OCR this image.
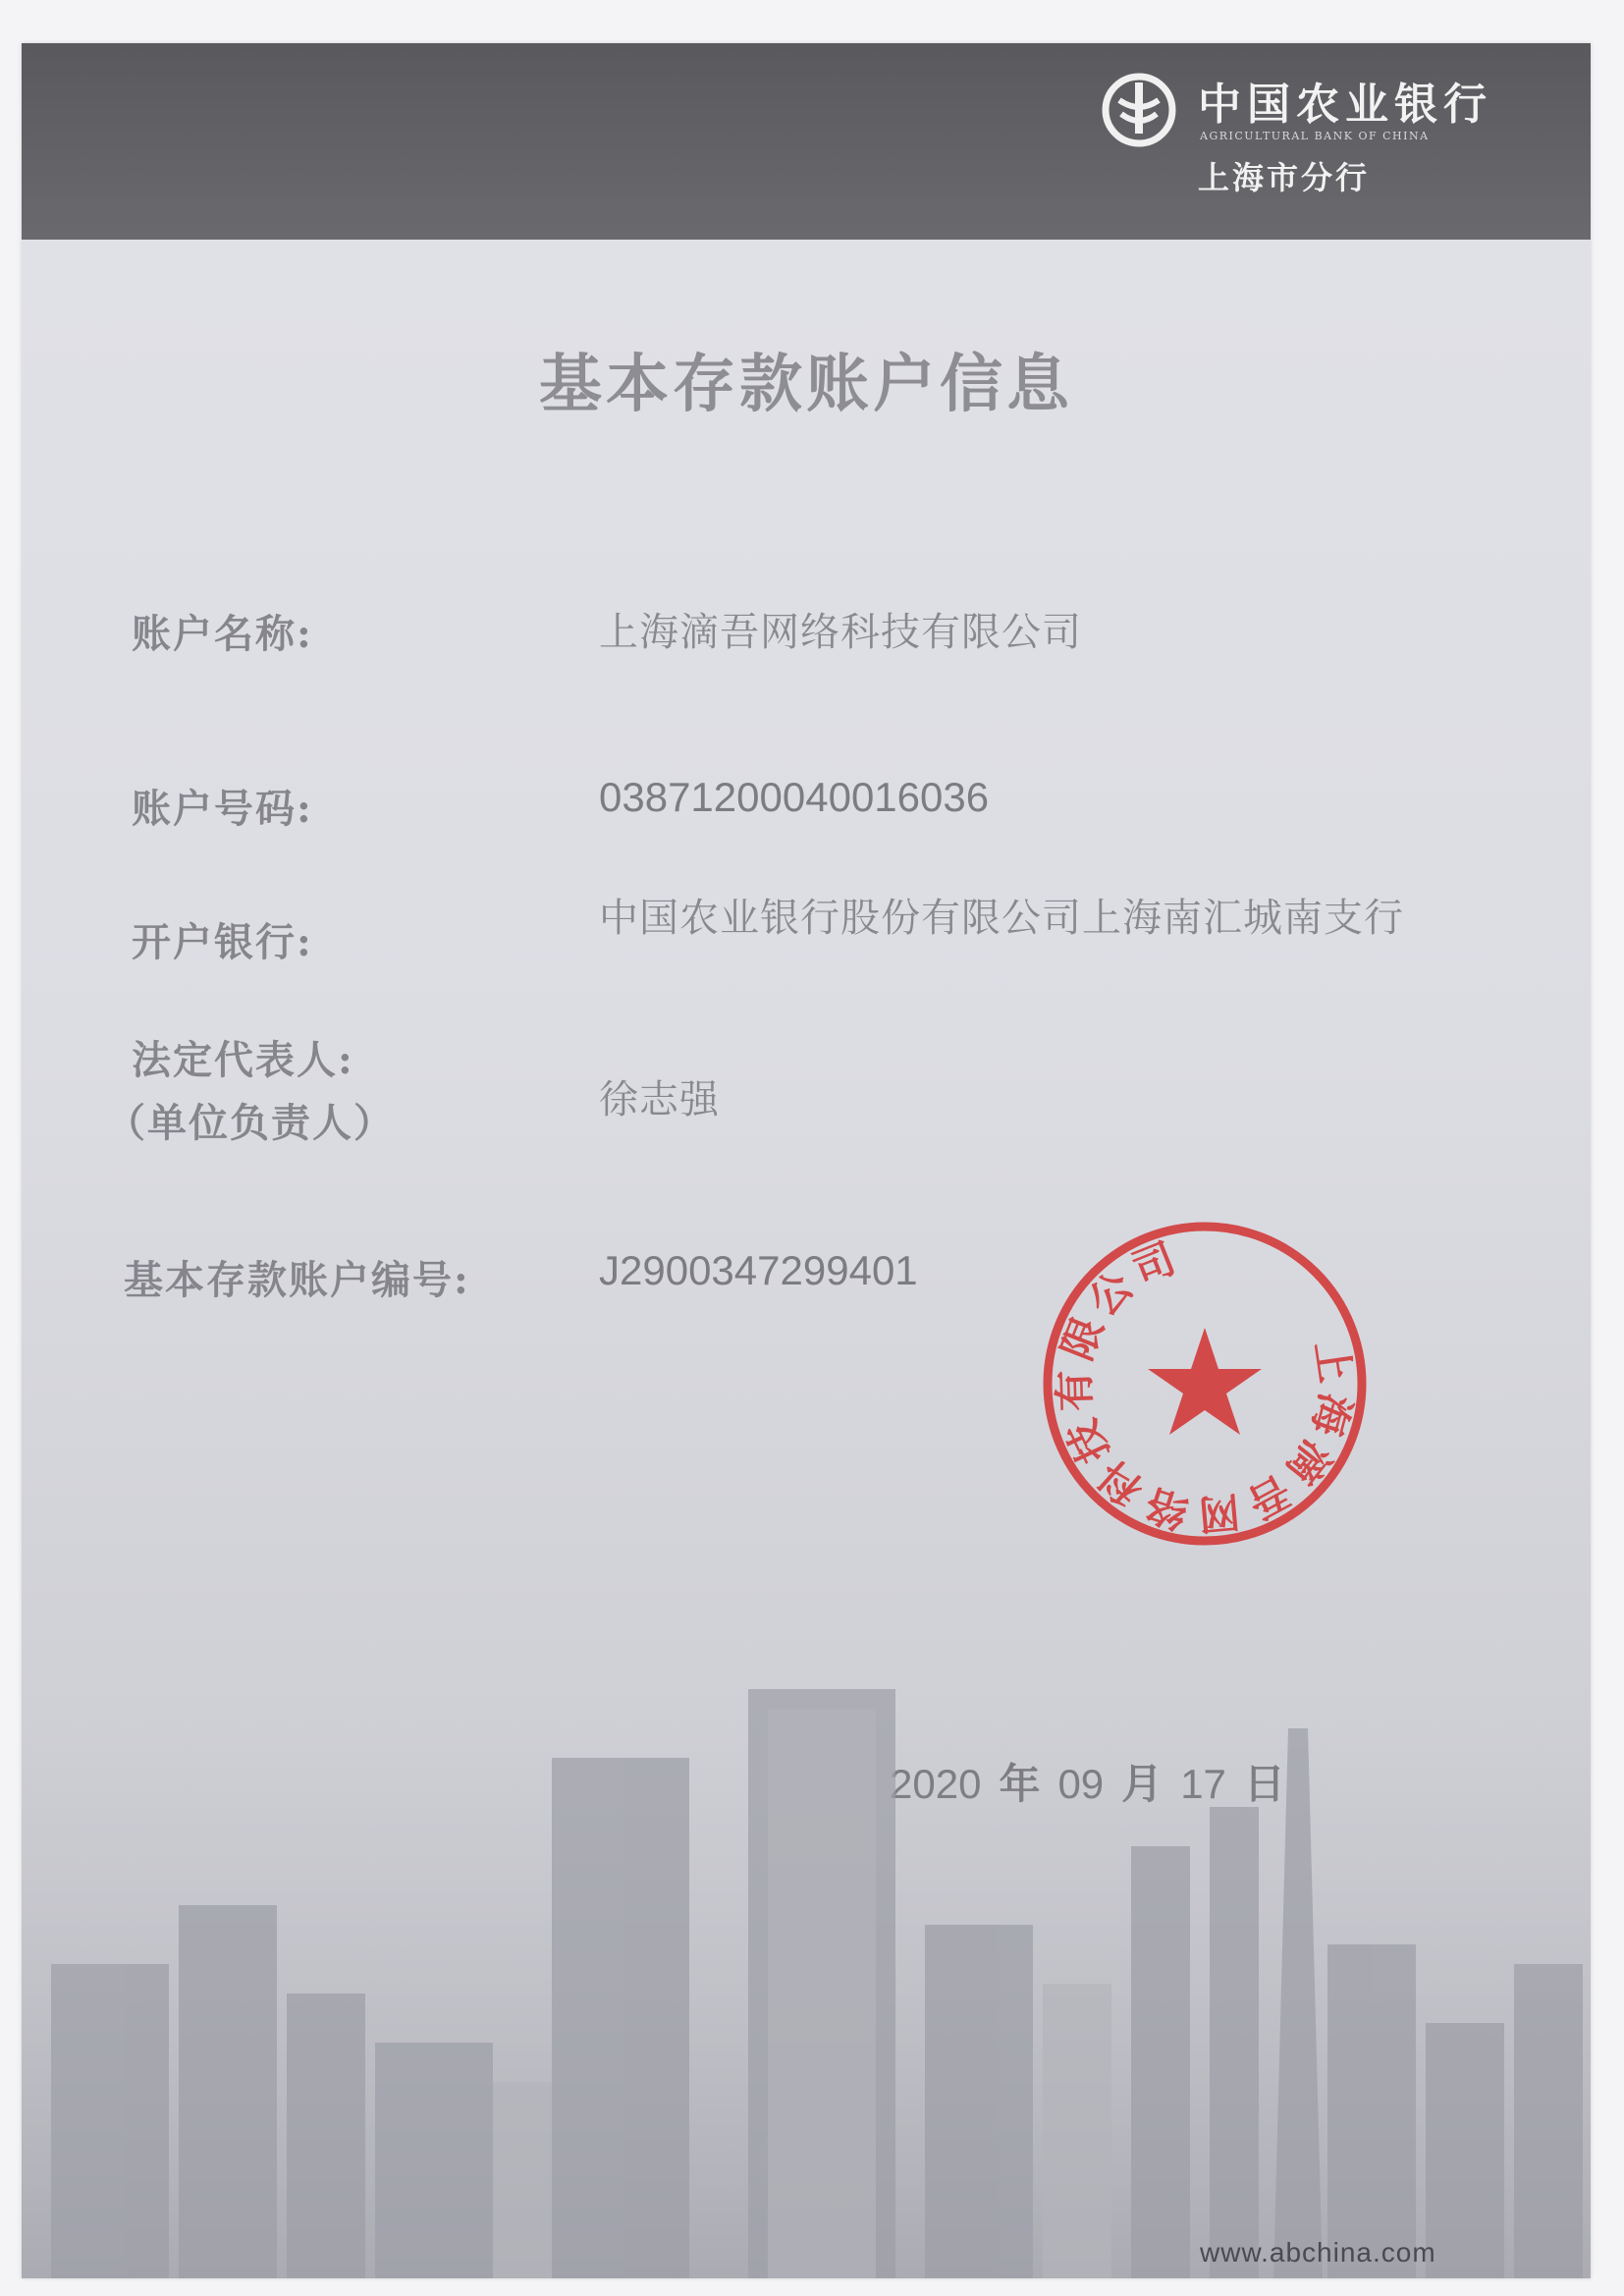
中国农业银行
AGRICULTURAL BANK OF CHINA
上海市分行
基本存款账户信息
账户名称:	上海滴吾网络科技有限公司
账户号码:	03871200040016036
开户银行:
中国农业银行股份有限公司上海南汇城南支行
法定代表人:
（单位负责人）	徐志强
基本存款账户编号:	J2900347299401
上海滴吾网络科技有限公司
www.abchina.com
